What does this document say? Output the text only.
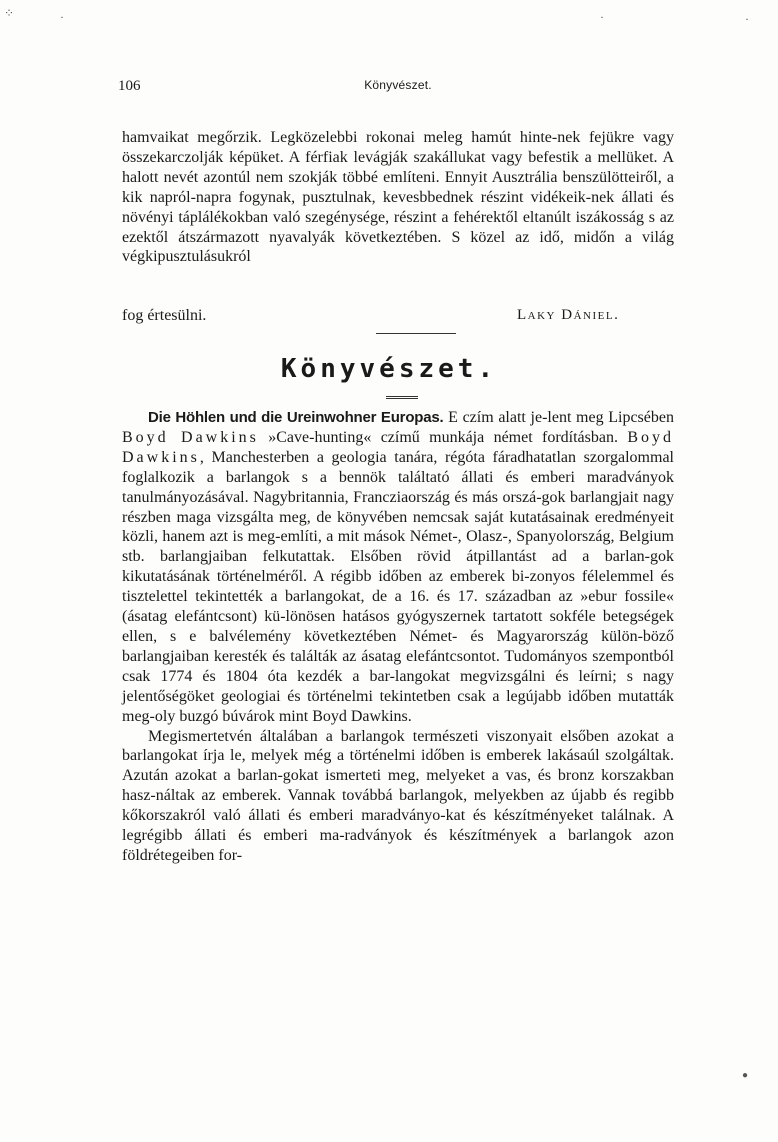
⁘	·	·	·
106	Könyvészet.

hamvaikat megőrzik. Legközelebbi rokonai meleg hamút hinte-nek fejükre vagy összekarczolják képüket. A férfiak levágják szakállukat vagy befestik a mellüket. A halott nevét azontúl nem szokják többé említeni. Ennyit Ausztrália benszülötteiről, a kik napról-napra fogynak, pusztulnak, kevesbbednek részint vidékeik-nek állati és növényi táplálékokban való szegénysége, részint a fehérektől eltanúlt iszákosság s az ezektől átszármazott nyavalyák következtében. S közel az idő, midőn a világ végkipusztulásukról

fog értesülni.	Laky Dániel.
Könyvészet.

Die Höhlen und die Ureinwohner Europas. E czím alatt je-lent meg Lipcsében Boyd Dawkins »Cave-hunting« czímű munkája német fordításban. Boyd Dawkins, Manchesterben a geologia tanára, régóta fáradhatatlan szorgalommal foglalkozik a barlangok s a bennök találtató állati és emberi maradványok tanulmányozásával. Nagybritannia, Francziaország és más orszá-gok barlangjait nagy részben maga vizsgálta meg, de könyvében nemcsak saját kutatásainak eredményeit közli, hanem azt is meg-említi, a mit mások Német-, Olasz-, Spanyolország, Belgium stb. barlangjaiban felkutattak. Elsőben rövid átpillantást ad a barlan-gok kikutatásának történelméről. A régibb időben az emberek bi-zonyos félelemmel és tisztelettel tekintették a barlangokat, de a 16. és 17. században az »ebur fossile« (ásatag elefántcsont) kü-lönösen hatásos gyógyszernek tartatott sokféle betegségek ellen, s e balvélemény következtében Német- és Magyarország külön-böző barlangjaiban keresték és találták az ásatag elefántcsontot. Tudományos szempontból csak 1774 és 1804 óta kezdék a bar-langokat megvizsgálni és leírni; s nagy jelentőségöket geologiai és történelmi tekintetben csak a legújabb időben mutatták meg-oly buzgó búvárok mint Boyd Dawkins.

Megismertetvén általában a barlangok természeti viszonyait elsőben azokat a barlangokat írja le, melyek még a történelmi időben is emberek lakásaúl szolgáltak. Azután azokat a barlan-gokat ismerteti meg, melyeket a vas, és bronz korszakban hasz-náltak az emberek. Vannak továbbá barlangok, melyekben az újabb és regibb kőkorszakról való állati és emberi maradványo-kat és készítményeket találnak. A legrégibb állati és emberi ma-radványok és készítmények a barlangok azon földrétegeiben for-

●
